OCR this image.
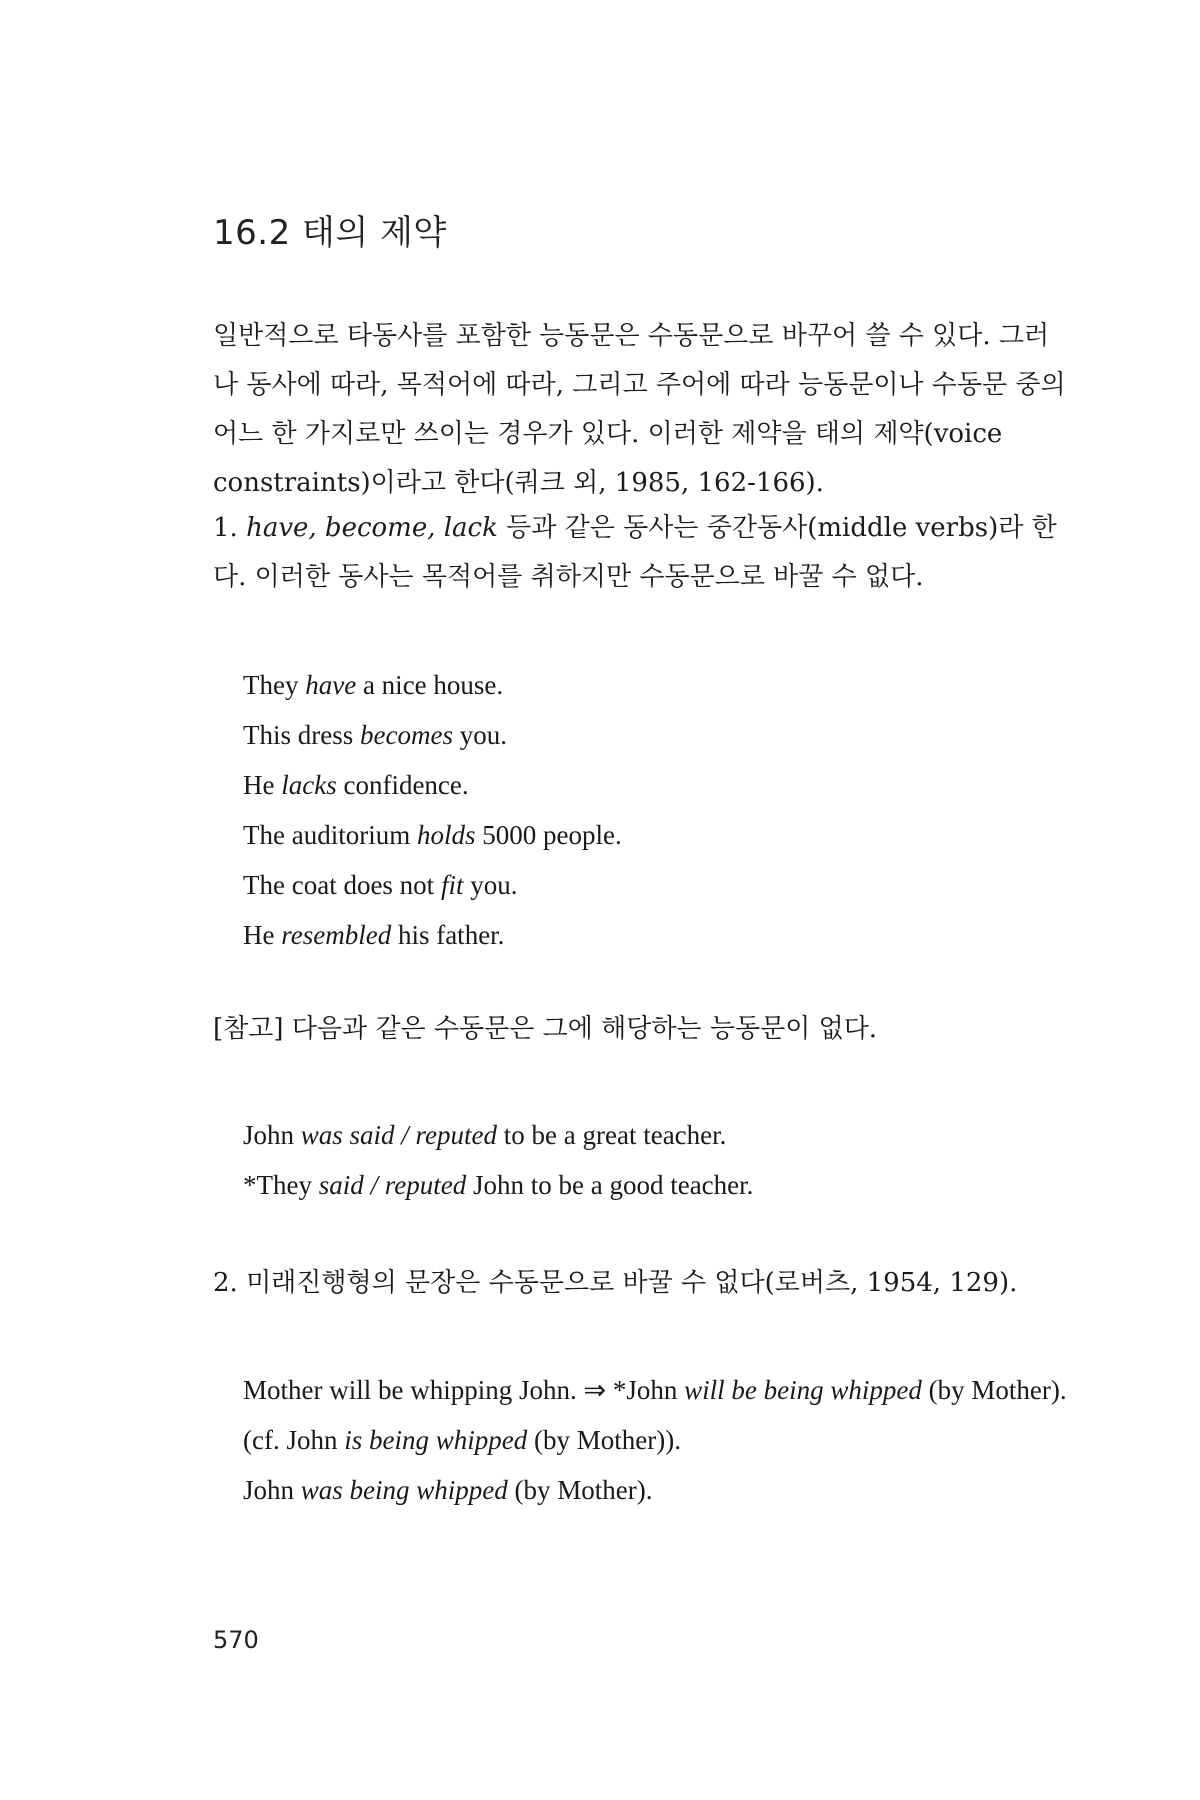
16.2 태의 제약
일반적으로 타동사를 포함한 능동문은 수동문으로 바꾸어 쓸 수 있다. 그러나 동사에 따라, 목적어에 따라, 그리고 주어에 따라 능동문이나 수동문 중의 어느 한 가지로만 쓰이는 경우가 있다. 이러한 제약을 태의 제약(voice constraints)이라고 한다(쿼크 외, 1985, 162-166).
1. have, become, lack 등과 같은 동사는 중간동사(middle verbs)라 한다. 이러한 동사는 목적어를 취하지만 수동문으로 바꿀 수 없다.
They have a nice house.
This dress becomes you.
He lacks confidence.
The auditorium holds 5000 people.
The coat does not fit you.
He resembled his father.
[참고] 다음과 같은 수동문은 그에 해당하는 능동문이 없다.
John was said / reputed to be a great teacher.
*They said / reputed John to be a good teacher.
2. 미래진행형의 문장은 수동문으로 바꿀 수 없다(로버츠, 1954, 129).
Mother will be whipping John. ⇒ *John will be being whipped (by Mother).
(cf. John is being whipped (by Mother)).
John was being whipped (by Mother).
570
